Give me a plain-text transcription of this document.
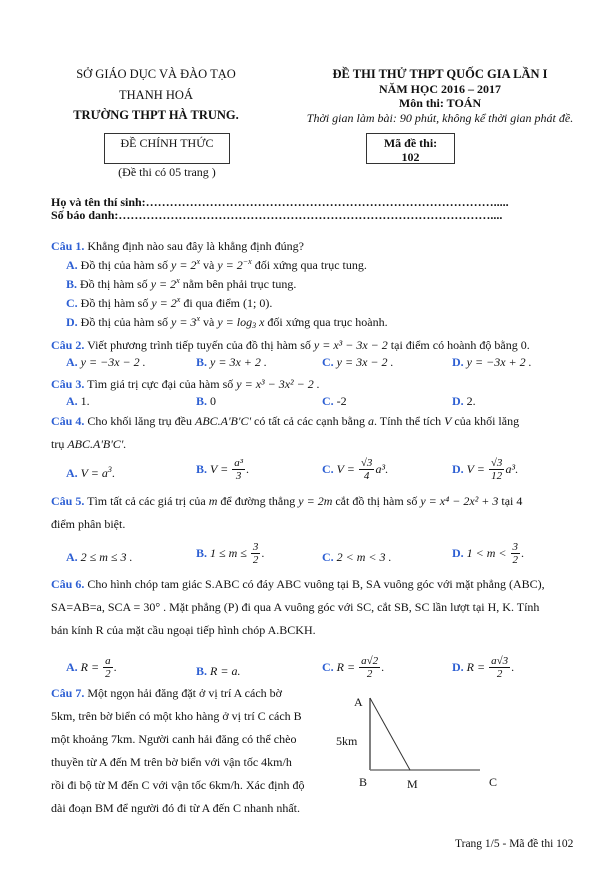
SỞ GIÁO DỤC VÀ ĐÀO TẠO
THANH HOÁ
TRƯỜNG THPT HÀ TRUNG.
ĐỀ CHÍNH THỨC
(Đề thi có 05 trang )
ĐỀ THI THỬ THPT QUỐC GIA LẦN I
NĂM HỌC 2016 – 2017
Môn thi: TOÁN
Thời gian làm bài: 90 phút, không kể thời gian phát đề.
Mã đề thi:
102
Họ và tên thí sinh:…………………………………………………………………………….....
Số báo danh:…………………………………………………………………………………....
Câu 1. Khẳng định nào sau đây là khẳng định đúng?
A. Đồ thị của hàm số $y = 2^x$ và $y = 2^{-x}$ đối xứng qua trục tung.
B. Đồ thị hàm số $y = 2^x$ nằm bên phải trục tung.
C. Đồ thị hàm số $y = 2^x$ đi qua điểm (1; 0).
D. Đồ thị của hàm số $y = 3^x$ và $y = \log_3 x$ đối xứng qua trục hoành.
Câu 2. Viết phương trình tiếp tuyến của đồ thị hàm số y = x³ − 3x − 2 tại điểm có hoành độ bằng 0.
A. y = −3x − 2 .	B. y = 3x + 2 .	C. y = 3x − 2 .	D. y = −3x + 2 .
Câu 3. Tìm giá trị cực đại của hàm số y = x³ − 3x² − 2 .
A. 1.	B. 0	C. -2	D. 2.
Câu 4. Cho khối lăng trụ đều ABC.A'B'C' có tất cả các cạnh bằng a. Tính thể tích V của khối lăng
trụ ABC.A'B'C'.
A. $V = a^3$.	B. $V = \frac{\text{a³}}{3}$ .	C. $V = \frac{√3}{4} a^3$.	D. $V = \frac{√3}{12} a^3$.
Câu 5. Tìm tất cả các giá trị của m để đường thẳng y = 2m cắt đồ thị hàm số y = x⁴ − 2x² + 3 tại 4
điểm phân biệt.
A. 2 ≤ m ≤ 3 .	B. $1 \le m \le \frac{3}{2}$ .	C. 2 < m < 3 .	D. $1 < m < \frac{3}{2}$ .
Câu 6. Cho hình chóp tam giác S.ABC có đáy ABC vuông tại B, SA vuông góc với mặt phẳng (ABC),
SA=AB=a, SCA = 30° . Mặt phẳng (P) đi qua A vuông góc với SC, cắt SB, SC lần lượt tại H, K. Tính
bán kính R của mặt cầu ngoại tiếp hình chóp A.BCKH.
A. $R = \frac{a}{2}$ .	B. R = a.	C. $R = \frac{a√2}{2}$ .	D. $R = \frac{a√3}{2}$ .
Câu 7. Một ngọn hải đăng đặt ở vị trí A cách bờ
5km, trên bờ biển có một kho hàng ở vị trí C cách B
một khoảng 7km. Người canh hải đăng có thể chèo
thuyền từ A đến M trên bờ biển với vận tốc 4km/h
rồi đi bộ từ M đến C với vận tốc 6km/h. Xác định độ
dài đoạn BM để người đó đi từ A đến C nhanh nhất.
A
5km
B	M	C
Trang 1/5 - Mã đề thi 102
